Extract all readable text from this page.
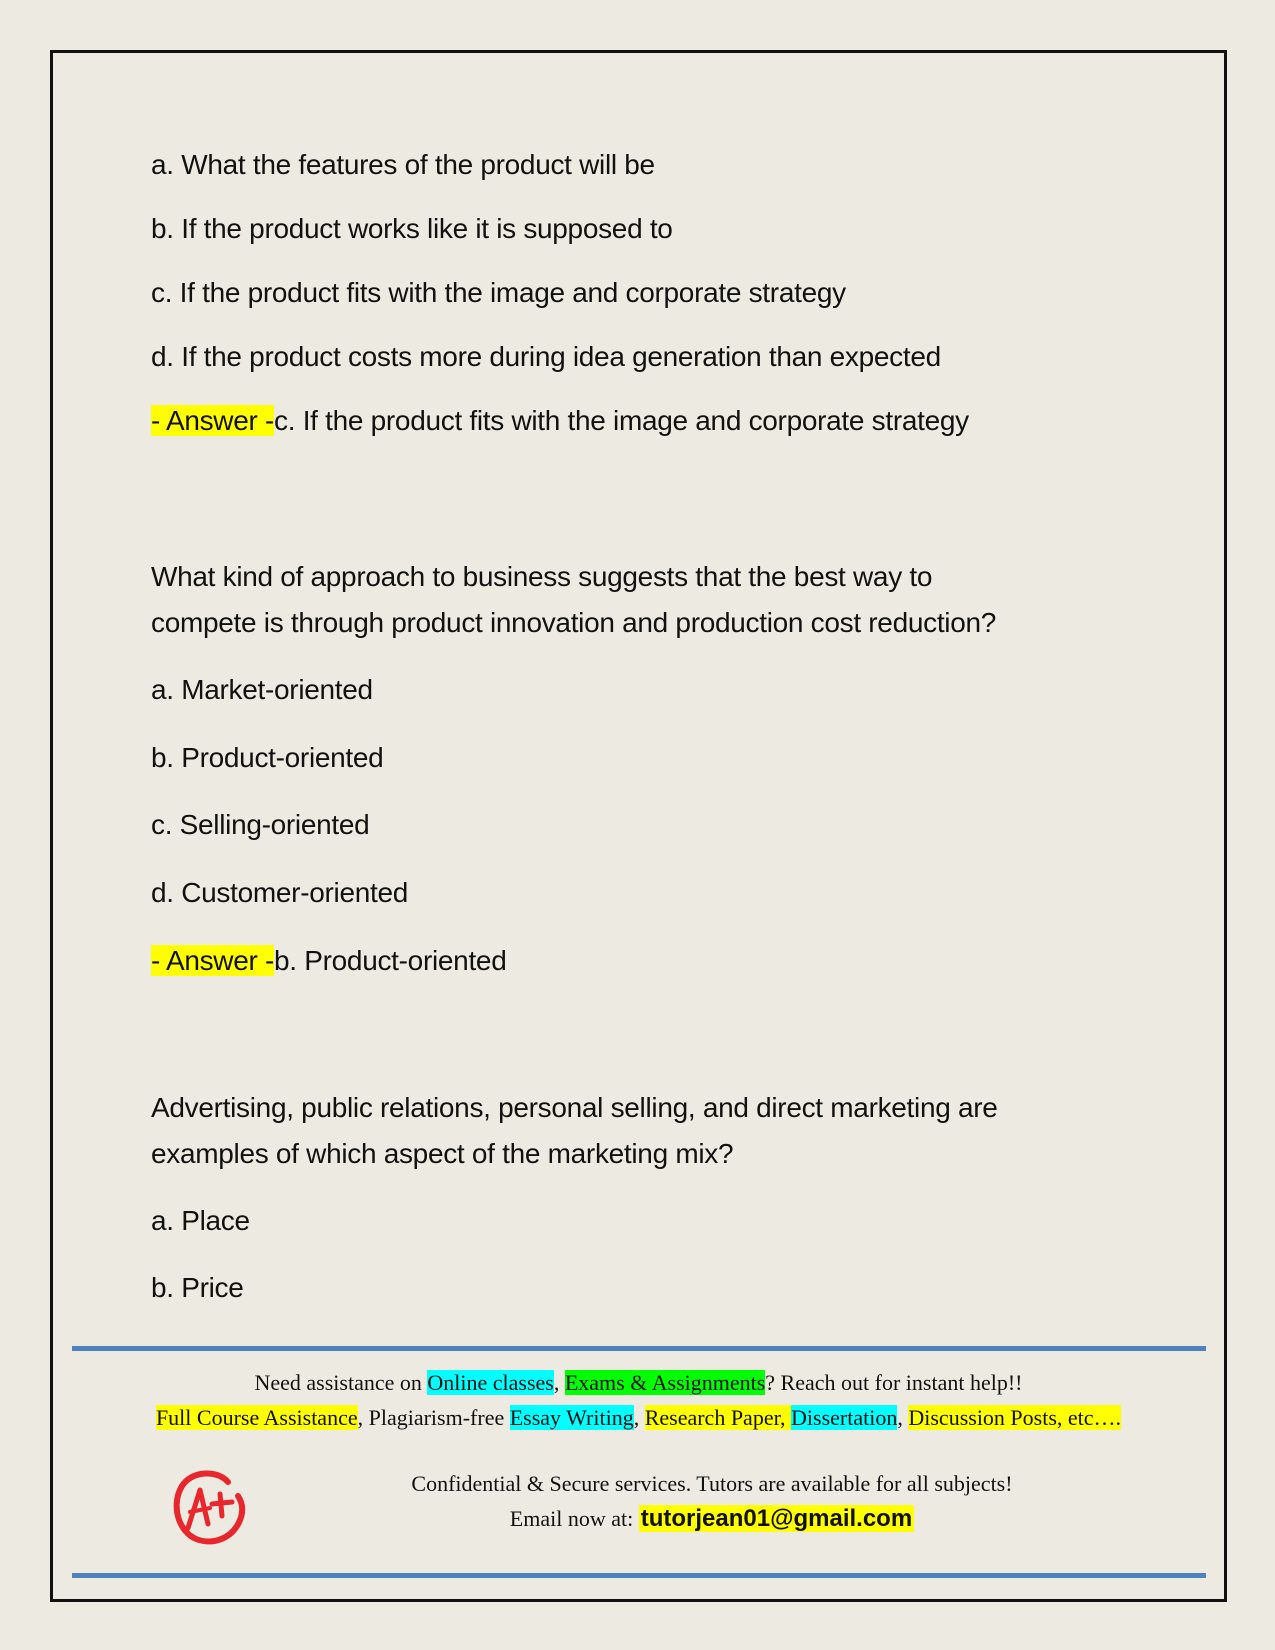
a. What the features of the product will be
b. If the product works like it is supposed to
c. If the product fits with the image and corporate strategy
d. If the product costs more during idea generation than expected
- Answer -c. If the product fits with the image and corporate strategy
What kind of approach to business suggests that the best way to
compete is through product innovation and production cost reduction?
a. Market-oriented
b. Product-oriented
c. Selling-oriented
d. Customer-oriented
- Answer -b. Product-oriented
Advertising, public relations, personal selling, and direct marketing are
examples of which aspect of the marketing mix?
a. Place
b. Price
Need assistance on Online classes, Exams & Assignments? Reach out for instant help!!
Full Course Assistance, Plagiarism-free Essay Writing, Research Paper, Dissertation, Discussion Posts, etc….
Confidential & Secure services. Tutors are available for all subjects!
Email now at: tutorjean01@gmail.com
